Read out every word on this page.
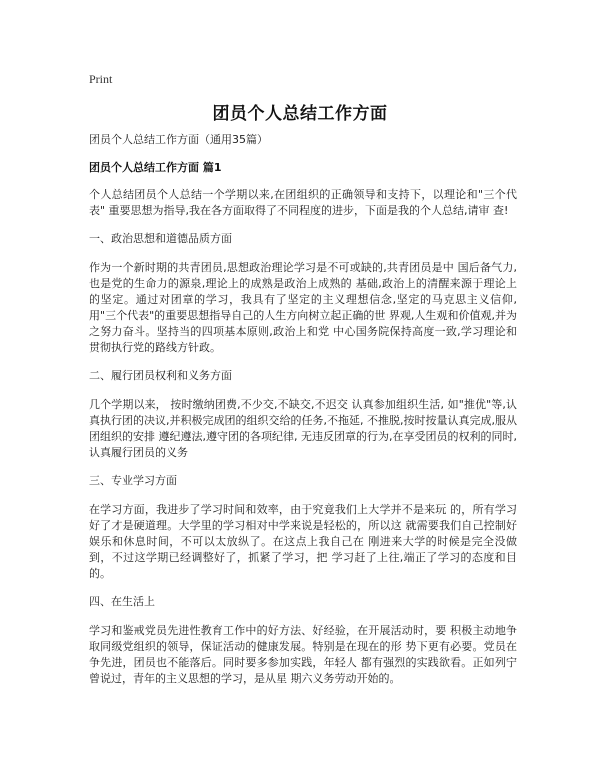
Print
团员个人总结工作方面

团员个人总结工作方面（通用35篇）

团员个人总结工作方面 篇1

个人总结团员个人总结一个学期以来,在团组织的正确领导和支持下，以理论和"三个代表" 重要思想为指导,我在各方面取得了不同程度的进步，下面是我的个人总结,请审 查!

一、政治思想和道德品质方面

作为一个新时期的共青团员,思想政治理论学习是不可或缺的,共青团员是中 国后备气力,也是党的生命力的源泉,理论上的成熟是政治上成熟的 基础,政治上的清醒来源于理论上的坚定。通过对团章的学习，我具有了坚定的主义理想信念,坚定的马克思主义信仰,用"三个代表"的重要思想指导自己的人生方向树立起正确的世 界观,人生观和价值观,并为之努力奋斗。坚持当的四项基本原则,政治上和党 中心国务院保持高度一致,学习理论和贯彻执行党的路线方针政。

二、履行团员权利和义务方面

几个学期以来， 按时缴纳团费,不少交,不缺交,不迟交 认真参加组织生活, 如"推优"等,认真执行团的决议,并积极完成团的组织交给的任务,不拖延, 不推脱,按时按量认真完成,服从团组织的安排 遵纪遵法,遵守团的各项纪律, 无违反团章的行为,在享受团员的权利的同时,认真履行团员的义务

三、专业学习方面

在学习方面，我进步了学习时间和效率，由于究竟我们上大学并不是来玩 的，所有学习好了才是硬道理。大学里的学习相对中学来说是轻松的，所以这 就需要我们自己控制好娱乐和休息时间，不可以太放纵了。在这点上我自己在 刚进来大学的时候是完全没做到，不过这学期已经调整好了，抓紧了学习，把 学习赶了上往,端正了学习的态度和目的。

四、在生活上

学习和鉴戒党员先进性教育工作中的好方法、好经验，在开展活动时，要 积极主动地争取同级党组织的领导，保证活动的健康发展。特别是在现在的形 势下更有必要。党员在争先进，团员也不能落后。同时要多参加实践，年轻人 都有强烈的实践欲看。正如列宁曾说过，青年的主义思想的学习，是从星 期六义务劳动开始的。
